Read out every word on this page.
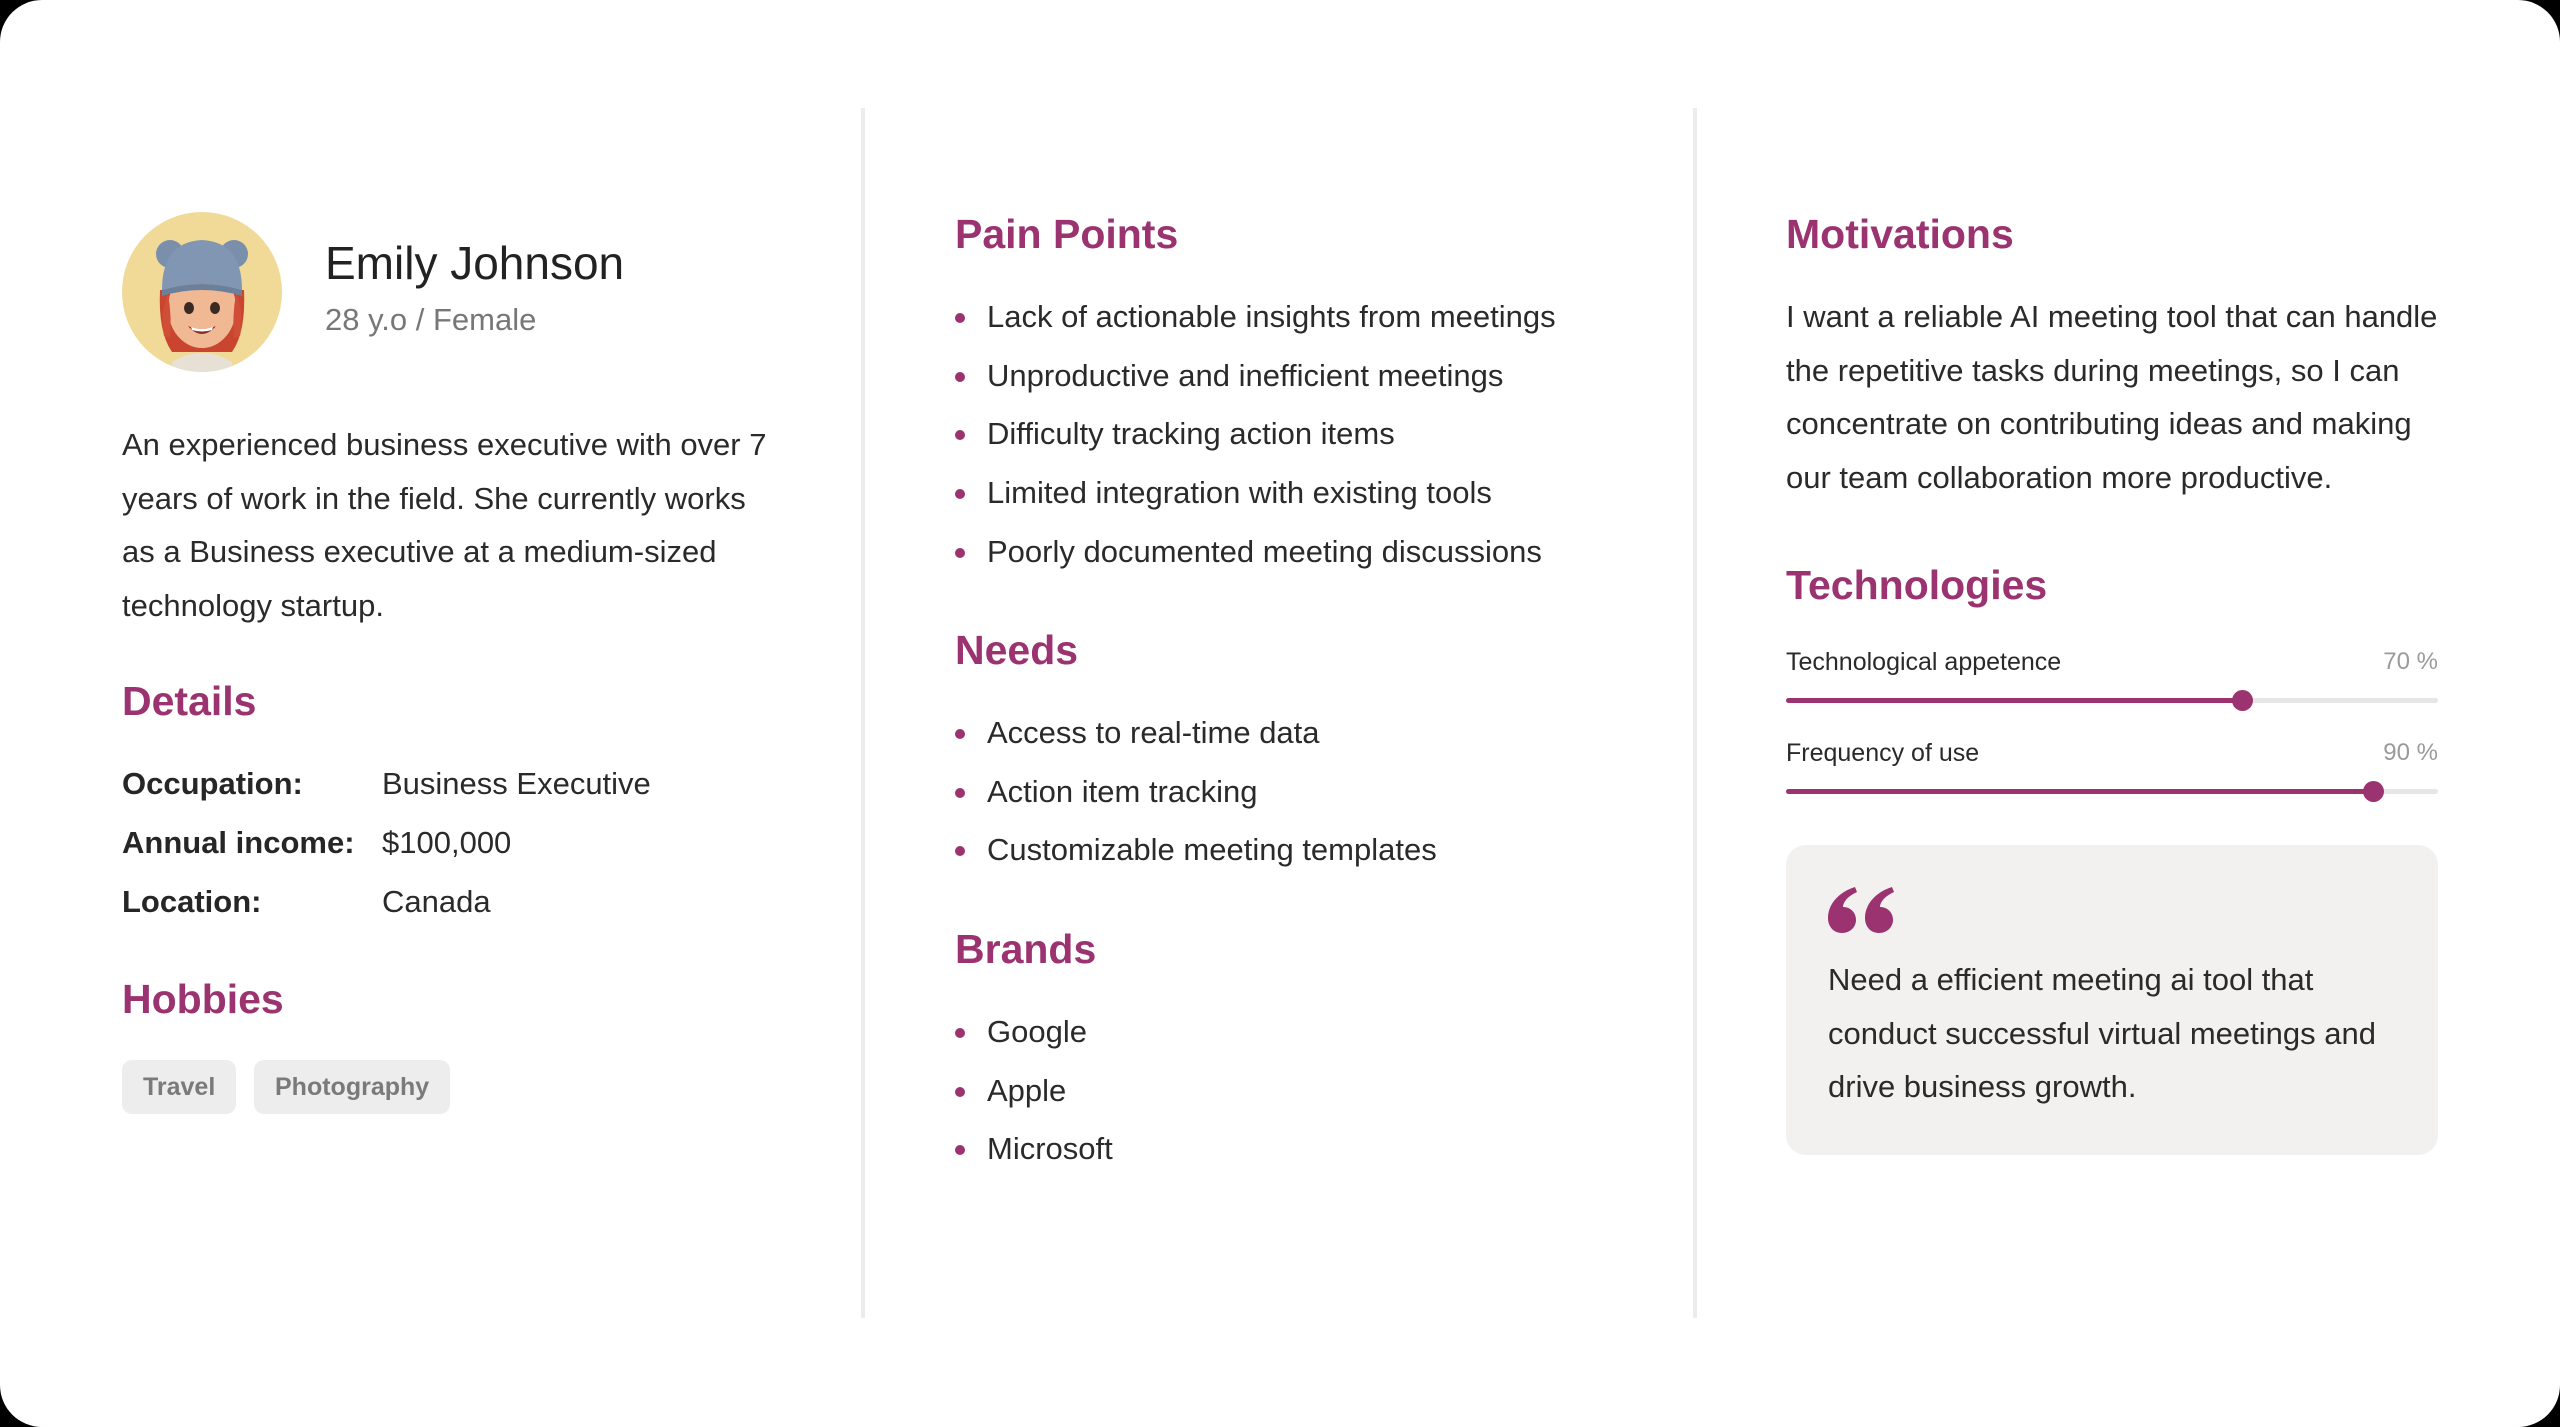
Emily Johnson
28 y.o / Female

An experienced business executive with over 7 years of work in the field. She currently works as a Business executive at a medium-sized technology startup.

Details
Occupation:	Business Executive
Annual income: $100,000
Location:	Canada
Hobbies
Travel	Photography
Pain Points
Lack of actionable insights from meetings
Unproductive and inefficient meetings
Difficulty tracking action items
Limited integration with existing tools
Poorly documented meeting discussions
Needs
Access to real-time data
Action item tracking
Customizable meeting templates
Brands
Google
Apple
Microsoft
Motivations

I want a reliable AI meeting tool that can handle the repetitive tasks during meetings, so I can concentrate on contributing ideas and making our team collaboration more productive.

Technologies
Technological appetence	70 %
Frequency of use	90 %

Need a efficient meeting ai tool that conduct successful virtual meetings and drive business growth.
